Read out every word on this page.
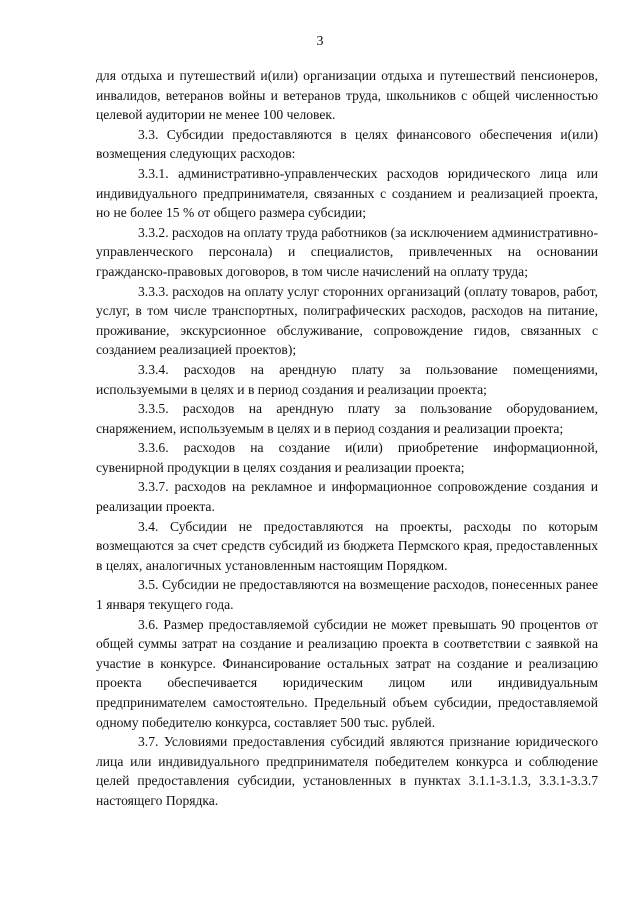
3

для отдыха и путешествий и(или) организации отдыха и путешествий пенсионеров, инвалидов, ветеранов войны и ветеранов труда, школьников с общей численностью целевой аудитории не менее 100 человек.

3.3. Субсидии предоставляются в целях финансового обеспечения и(или) возмещения следующих расходов:

3.3.1. административно-управленческих расходов юридического лица или индивидуального предпринимателя, связанных с созданием и реализацией проекта, но не более 15 % от общего размера субсидии;

3.3.2. расходов на оплату труда работников (за исключением административно-управленческого персонала) и специалистов, привлеченных на основании гражданско-правовых договоров, в том числе начислений на оплату труда;

3.3.3. расходов на оплату услуг сторонних организаций (оплату товаров, работ, услуг, в том числе транспортных, полиграфических расходов, расходов на питание, проживание, экскурсионное обслуживание, сопровождение гидов, связанных с созданием реализацией проектов);

3.3.4. расходов на арендную плату за пользование помещениями, используемыми в целях и в период создания и реализации проекта;

3.3.5. расходов на арендную плату за пользование оборудованием, снаряжением, используемым в целях и в период создания и реализации проекта;

3.3.6. расходов на создание и(или) приобретение информационной, сувенирной продукции в целях создания и реализации проекта;

3.3.7. расходов на рекламное и информационное сопровождение создания и реализации проекта.

3.4. Субсидии не предоставляются на проекты, расходы по которым возмещаются за счет средств субсидий из бюджета Пермского края, предоставленных в целях, аналогичных установленным настоящим Порядком.

3.5. Субсидии не предоставляются на возмещение расходов, понесенных ранее 1 января текущего года.

3.6. Размер предоставляемой субсидии не может превышать 90 процентов от общей суммы затрат на создание и реализацию проекта в соответствии с заявкой на участие в конкурсе. Финансирование остальных затрат на создание и реализацию проекта обеспечивается юридическим лицом или индивидуальным предпринимателем самостоятельно. Предельный объем субсидии, предоставляемой одному победителю конкурса, составляет 500 тыс. рублей.

3.7. Условиями предоставления субсидий являются признание юридического лица или индивидуального предпринимателя победителем конкурса и соблюдение целей предоставления субсидии, установленных в пунктах 3.1.1-3.1.3, 3.3.1-3.3.7 настоящего Порядка.
